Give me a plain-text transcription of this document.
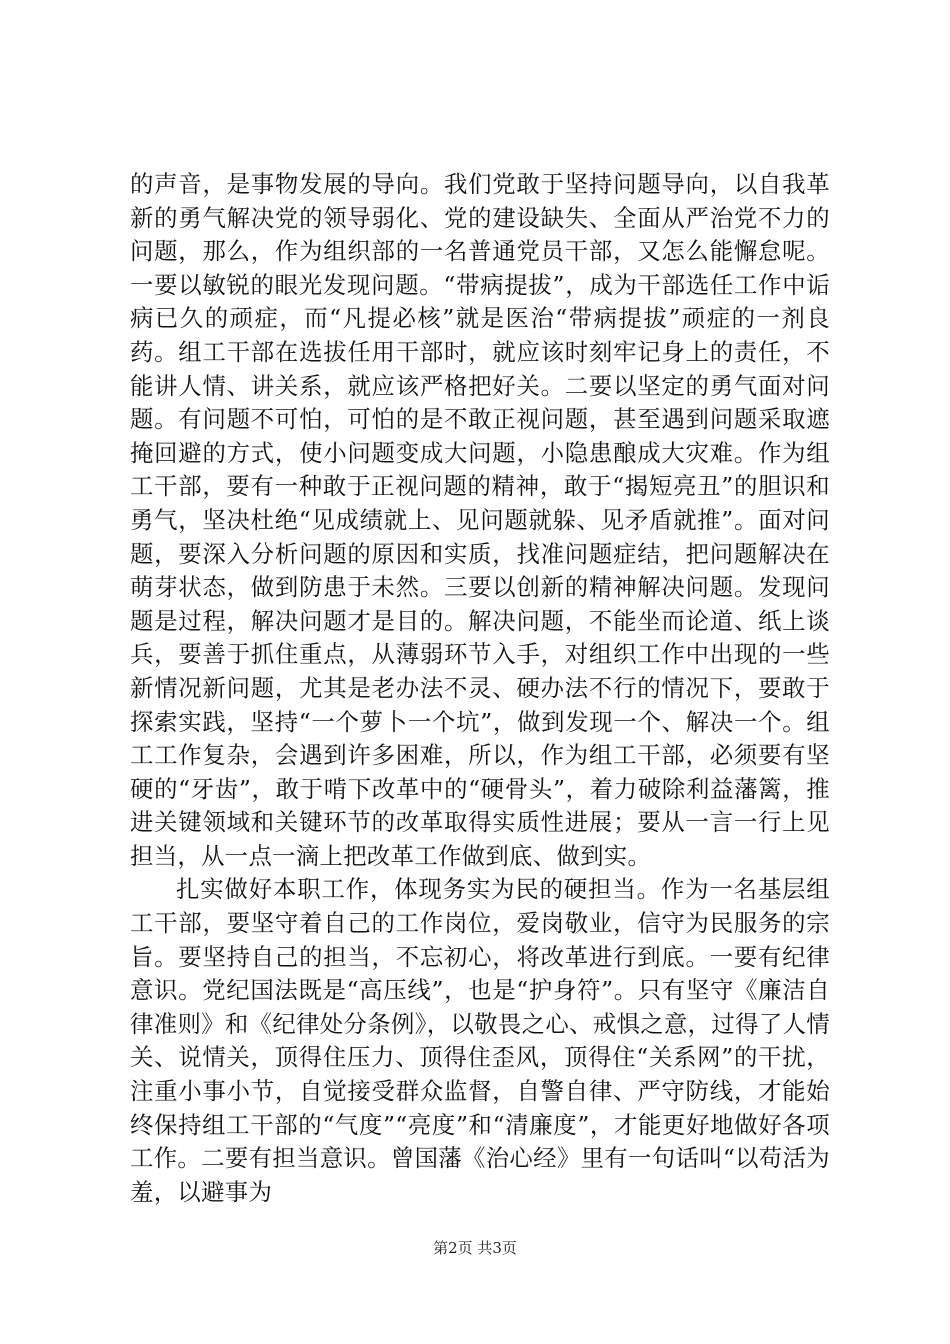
的声音，是事物发展的导向。我们党敢于坚持问题导向，以自我革新的勇气解决党的领导弱化、党的建设缺失、全面从严治党不力的问题，那么，作为组织部的一名普通党员干部，又怎么能懈怠呢。一要以敏锐的眼光发现问题。“带病提拔”，成为干部选任工作中诟病已久的顽症，而“凡提必核”就是医治“带病提拔”顽症的一剂良药。组工干部在选拔任用干部时，就应该时刻牢记身上的责任，不能讲人情、讲关系，就应该严格把好关。二要以坚定的勇气面对问题。有问题不可怕，可怕的是不敢正视问题，甚至遇到问题采取遮掩回避的方式，使小问题变成大问题，小隐患酿成大灾难。作为组工干部，要有一种敢于正视问题的精神，敢于“揭短亮丑”的胆识和勇气，坚决杜绝“见成绩就上、见问题就躲、见矛盾就推”。面对问题，要深入分析问题的原因和实质，找准问题症结，把问题解决在萌芽状态，做到防患于未然。三要以创新的精神解决问题。发现问题是过程，解决问题才是目的。解决问题，不能坐而论道、纸上谈兵，要善于抓住重点，从薄弱环节入手，对组织工作中出现的一些新情况新问题，尤其是老办法不灵、硬办法不行的情况下，要敢于探索实践，坚持“一个萝卜一个坑”，做到发现一个、解决一个。组工工作复杂，会遇到许多困难，所以，作为组工干部，必须要有坚硬的“牙齿”，敢于啃下改革中的“硬骨头”，着力破除利益藩篱，推进关键领域和关键环节的改革取得实质性进展；要从一言一行上见担当，从一点一滴上把改革工作做到底、做到实。

扎实做好本职工作，体现务实为民的硬担当。作为一名基层组工干部，要坚守着自己的工作岗位，爱岗敬业，信守为民服务的宗旨。要坚持自己的担当，不忘初心，将改革进行到底。一要有纪律意识。党纪国法既是“高压线”，也是“护身符”。只有坚守《廉洁自律准则》和《纪律处分条例》，以敬畏之心、戒惧之意，过得了人情关、说情关，顶得住压力、顶得住歪风，顶得住“关系网”的干扰，注重小事小节，自觉接受群众监督，自警自律、严守防线，才能始终保持组工干部的“气度”“亮度”和“清廉度”，才能更好地做好各项工作。二要有担当意识。曾国藩《治心经》里有一句话叫“以苟活为羞，以避事为

第2页 共3页
